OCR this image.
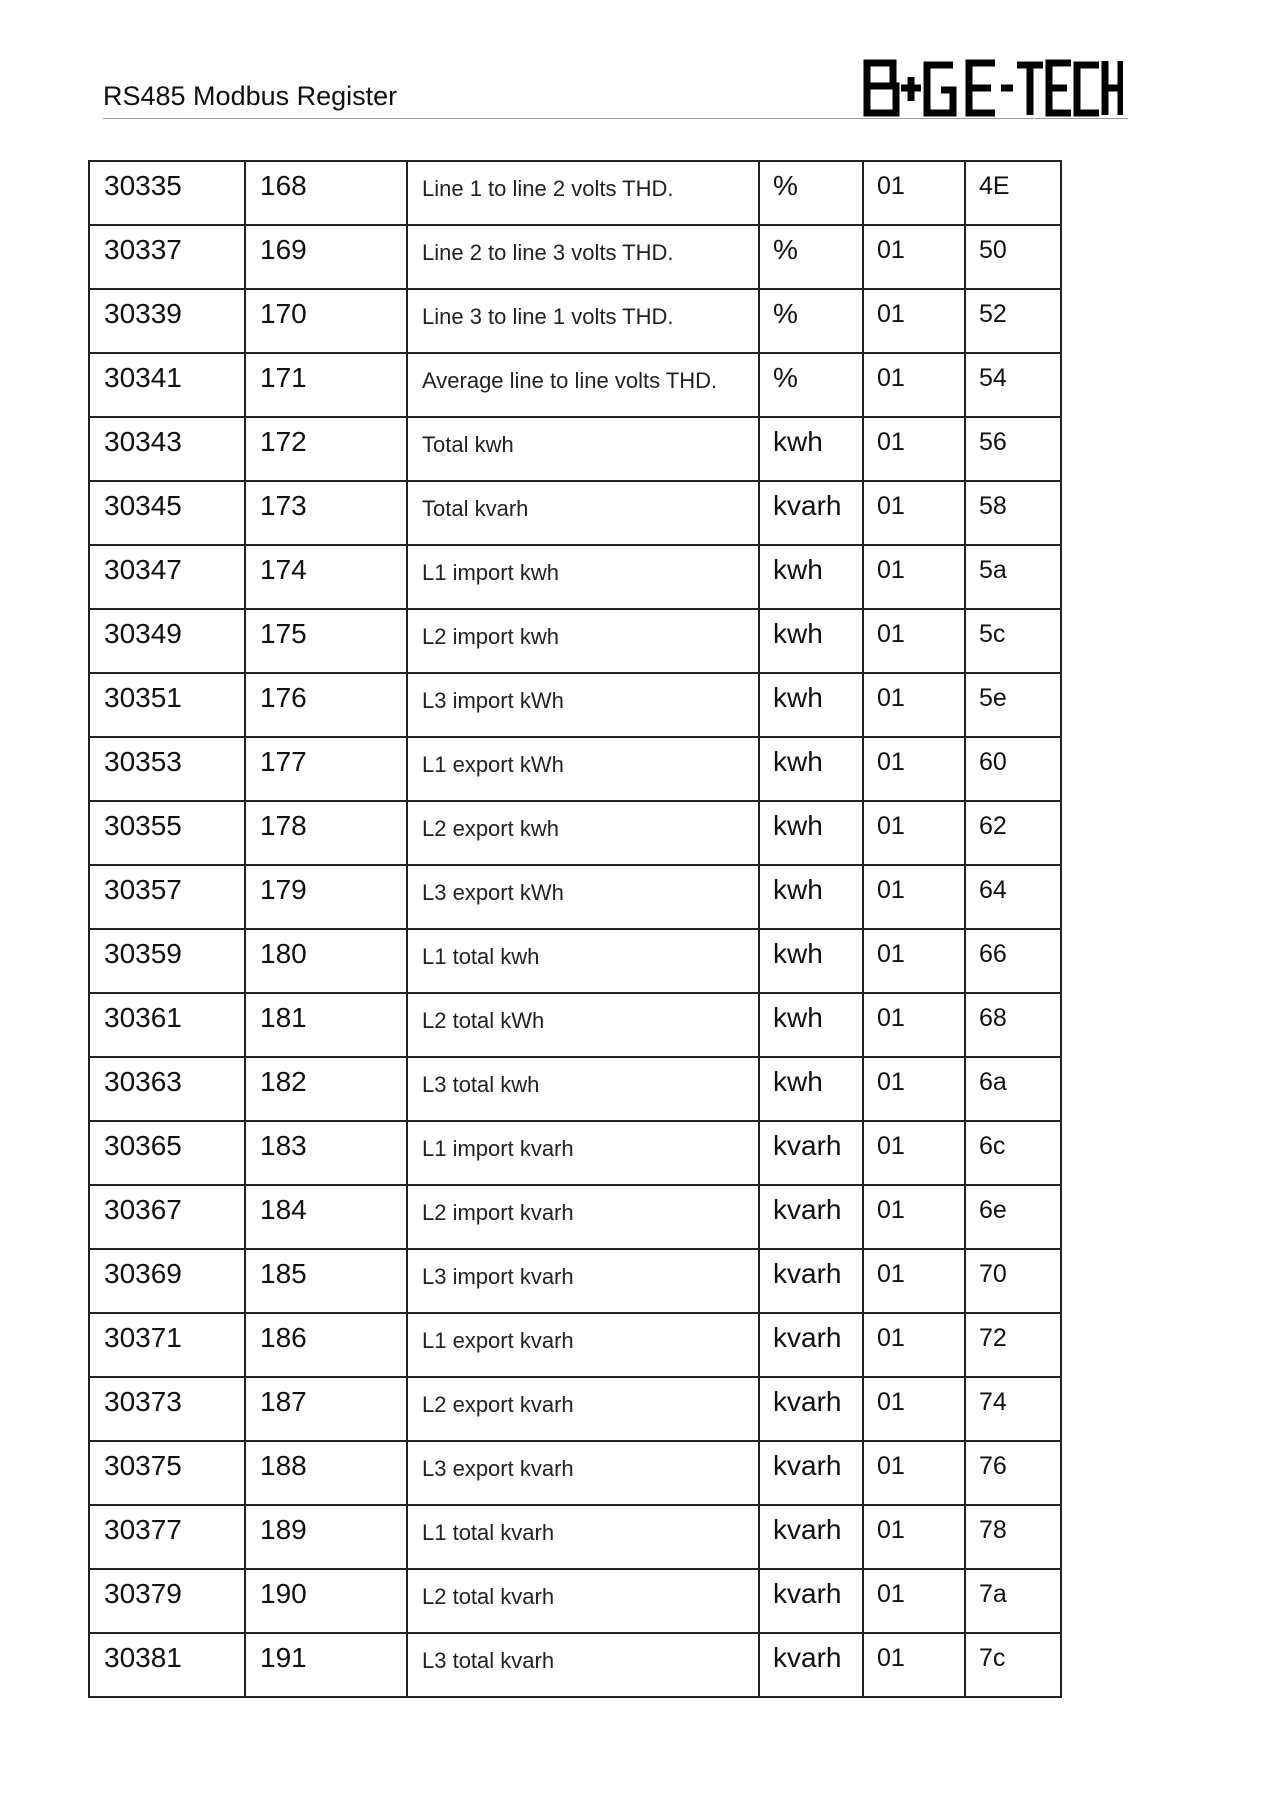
RS485 Modbus Register
30335	168	Line 1 to line 2 volts THD.	%	01	4E

30337	169	Line 2 to line 3 volts THD.	%	01	50

30339	170	Line 3 to line 1 volts THD.	%	01	52

30341	171	Average line to line volts THD.	%	01	54

30343	172	Total kwh	kwh	01	56

30345	173	Total kvarh	kvarh	01	58

30347	174	L1 import kwh	kwh	01	5a

30349	175	L2 import kwh	kwh	01	5c

30351	176	L3 import kWh	kwh	01	5e

30353	177	L1 export kWh	kwh	01	60

30355	178	L2 export kwh	kwh	01	62

30357	179	L3 export kWh	kwh	01	64

30359	180	L1 total kwh	kwh	01	66

30361	181	L2 total kWh	kwh	01	68

30363	182	L3 total kwh	kwh	01	6a

30365	183	L1 import kvarh	kvarh	01	6c

30367	184	L2 import kvarh	kvarh	01	6e

30369	185	L3 import kvarh	kvarh	01	70

30371	186	L1 export kvarh	kvarh	01	72

30373	187	L2 export kvarh	kvarh	01	74

30375	188	L3 export kvarh	kvarh	01	76

30377	189	L1 total kvarh	kvarh	01	78

30379	190	L2 total kvarh	kvarh	01	7a

30381	191	L3 total kvarh	kvarh	01	7c
